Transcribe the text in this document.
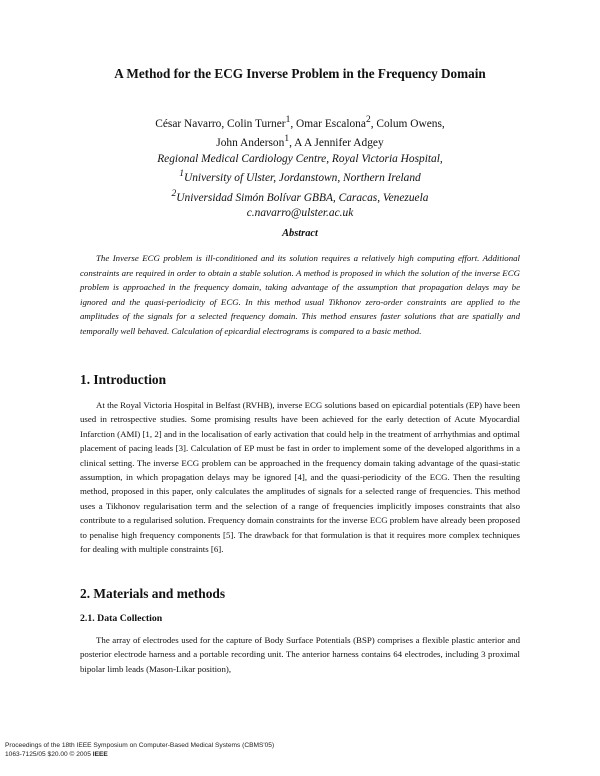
A Method for the ECG Inverse Problem in the Frequency Domain
César Navarro, Colin Turner$^1$, Omar Escalona$^2$, Colum Owens,
John Anderson$^1$, A A Jennifer Adgey
Regional Medical Cardiology Centre, Royal Victoria Hospital,
$^1$University of Ulster, Jordanstown, Northern Ireland
$^2$Universidad Simón Bolívar GBBA, Caracas, Venezuela
c.navarro@ulster.ac.uk
Abstract
The Inverse ECG problem is ill-conditioned and its solution requires a relatively high computing effort. Additional constraints are required in order to obtain a stable solution. A method is proposed in which the solution of the inverse ECG problem is approached in the frequency domain, taking advantage of the assumption that propagation delays may be ignored and the quasi-periodicity of ECG. In this method usual Tikhonov zero-order constraints are applied to the amplitudes of the signals for a selected frequency domain. This method ensures faster solutions that are spatially and temporally well behaved. Calculation of epicardial electrograms is compared to a basic method.
1. Introduction
At the Royal Victoria Hospital in Belfast (RVHB), inverse ECG solutions based on epicardial potentials (EP) have been used in retrospective studies. Some promising results have been achieved for the early detection of Acute Myocardial Infarction (AMI) [1, 2] and in the localisation of early activation that could help in the treatment of arrhythmias and optimal placement of pacing leads [3]. Calculation of EP must be fast in order to implement some of the developed algorithms in a clinical setting. The inverse ECG problem can be approached in the frequency domain taking advantage of the quasi-static assumption, in which propagation delays may be ignored [4], and the quasi-periodicity of the ECG. Then the resulting method, proposed in this paper, only calculates the amplitudes of signals for a selected range of frequencies. This method uses a Tikhonov regularisation term and the selection of a range of frequencies implicitly imposes constraints that also contribute to a regularised solution. Frequency domain constraints for the inverse ECG problem have already been proposed to penalise high frequency components [5]. The drawback for that formulation is that it requires more complex techniques for dealing with multiple constraints [6].
2. Materials and methods
2.1. Data Collection
The array of electrodes used for the capture of Body Surface Potentials (BSP) comprises a flexible plastic anterior and posterior electrode harness and a portable recording unit. The anterior harness contains 64 electrodes, including 3 proximal bipolar limb leads (Mason-Likar position),
Proceedings of the 18th IEEE Symposium on Computer-Based Medical Systems (CBMS'05)
1063-7125/05 $20.00 © 2005 IEEE
